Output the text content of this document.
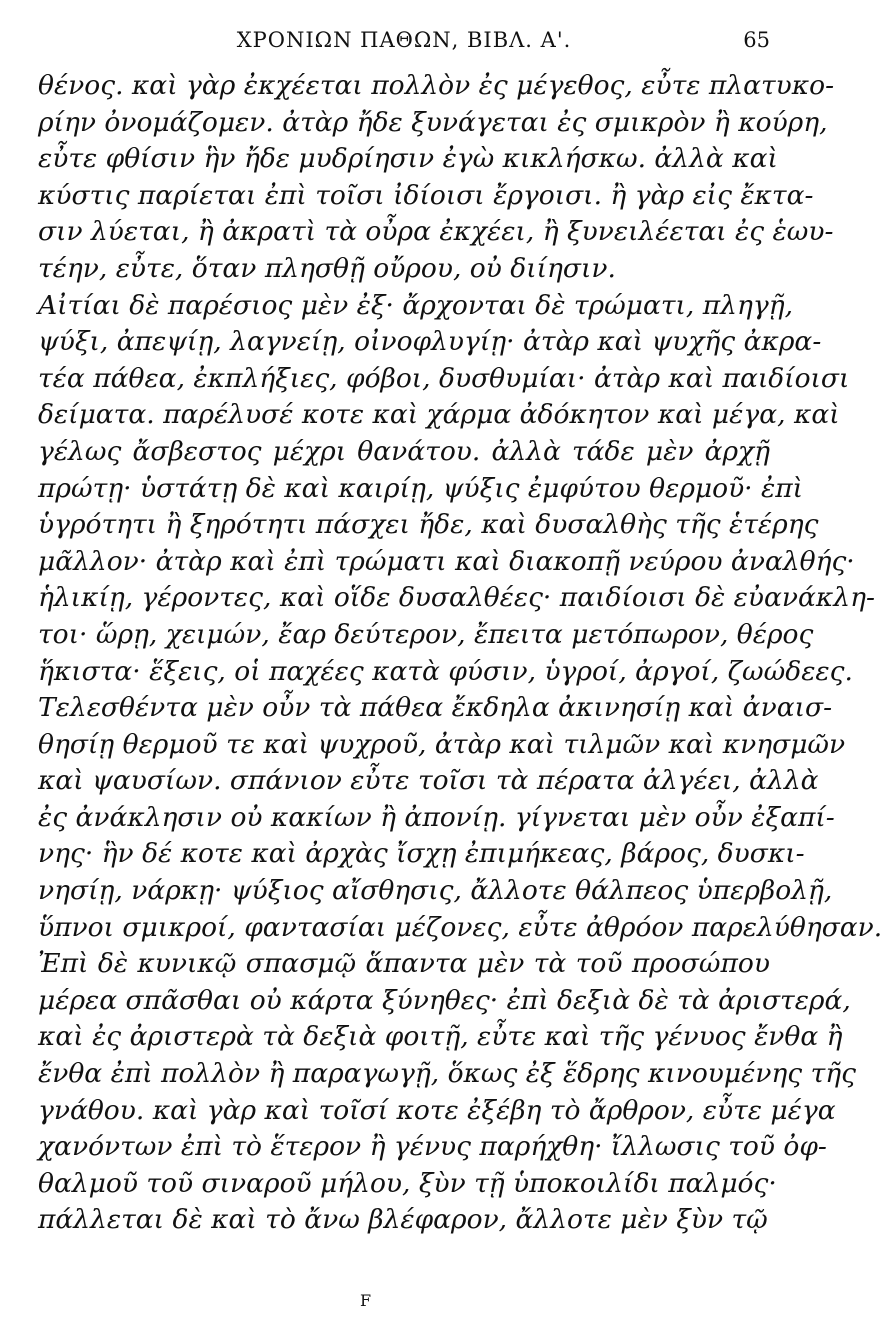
ΧΡΟΝΙΩΝ ΠΑΘΩΝ, ΒΙΒΛ. Α'.	65
θένος. καὶ γὰρ ἐκχέεται πολλὸν ἐς μέγεθος, εὖτε πλατυκο-
ρίην ὀνομάζομεν. ἀτὰρ ἤδε ξυνάγεται ἐς σμικρὸν ἢ κούρη,
εὖτε φθίσιν ἣν ἤδε μυδρίησιν ἐγὼ κικλήσκω. ἀλλὰ καὶ
κύστις παρίεται ἐπὶ τοῖσι ἰδίοισι ἔργοισι. ἢ γὰρ εἰς ἔκτα-
σιν λύεται, ἢ ἀκρατὶ τὰ οὖρα ἐκχέει, ἢ ξυνειλέεται ἐς ἑωυ-
τέην, εὖτε, ὅταν πλησθῇ οὔρου, οὐ διίησιν.
Αἰτίαι δὲ παρέσιος μὲν ἐξ· ἄρχονται δὲ τρώματι, πληγῇ,
ψύξι, ἀπεψίῃ, λαγνείῃ, οἰνοφλυγίῃ· ἀτὰρ καὶ ψυχῆς ἀκρα-
τέα πάθεα, ἐκπλήξιες, φόβοι, δυσθυμίαι· ἀτὰρ καὶ παιδίοισι
δείματα. παρέλυσέ κοτε καὶ χάρμα ἀδόκητον καὶ μέγα, καὶ
γέλως ἄσβεστος μέχρι θανάτου. ἀλλὰ τάδε μὲν ἀρχῇ
πρώτῃ· ὑστάτῃ δὲ καὶ καιρίῃ, ψύξις ἐμφύτου θερμοῦ· ἐπὶ
ὑγρότητι ἢ ξηρότητι πάσχει ἤδε, καὶ δυσαλθὴς τῆς ἑτέρης
μᾶλλον· ἀτὰρ καὶ ἐπὶ τρώματι καὶ διακοπῇ νεύρου ἀναλθής·
ἡλικίῃ, γέροντες, καὶ οἵδε δυσαλθέες· παιδίοισι δὲ εὐανάκλη-
τοι· ὥρῃ, χειμών, ἔαρ δεύτερον, ἔπειτα μετόπωρον, θέρος
ἥκιστα· ἕξεις, οἱ παχέες κατὰ φύσιν, ὑγροί, ἀργοί, ζωώδεες.
Τελεσθέντα μὲν οὖν τὰ πάθεα ἔκδηλα ἀκινησίῃ καὶ ἀναισ-
θησίῃ θερμοῦ τε καὶ ψυχροῦ, ἀτὰρ καὶ τιλμῶν καὶ κνησμῶν
καὶ ψαυσίων. σπάνιον εὖτε τοῖσι τὰ πέρατα ἀλγέει, ἀλλὰ
ἐς ἀνάκλησιν οὐ κακίων ἢ ἀπονίῃ. γίγνεται μὲν οὖν ἐξαπί-
νης· ἣν δέ κοτε καὶ ἀρχὰς ἴσχῃ ἐπιμήκεας, βάρος, δυσκι-
νησίῃ, νάρκῃ· ψύξιος αἴσθησις, ἄλλοτε θάλπεος ὑπερβολῇ,
ὕπνοι σμικροί, φαντασίαι μέζονες, εὖτε ἀθρόον παρελύθησαν.
Ἐπὶ δὲ κυνικῷ σπασμῷ ἅπαντα μὲν τὰ τοῦ προσώπου
μέρεα σπᾶσθαι οὐ κάρτα ξύνηθες· ἐπὶ δεξιὰ δὲ τὰ ἀριστερά,
καὶ ἐς ἀριστερὰ τὰ δεξιὰ φοιτῇ, εὖτε καὶ τῆς γένυος ἔνθα ἢ
ἔνθα ἐπὶ πολλὸν ἢ παραγωγῇ, ὅκως ἐξ ἕδρης κινουμένης τῆς
γνάθου. καὶ γὰρ καὶ τοῖσί κοτε ἐξέβη τὸ ἄρθρον, εὖτε μέγα
χανόντων ἐπὶ τὸ ἕτερον ἢ γένυς παρήχθη· ἴλλωσις τοῦ ὀφ-
θαλμοῦ τοῦ σιναροῦ μήλου, ξὺν τῇ ὑποκοιλίδι παλμός·
πάλλεται δὲ καὶ τὸ ἄνω βλέφαρον, ἄλλοτε μὲν ξὺν τῷ
F
